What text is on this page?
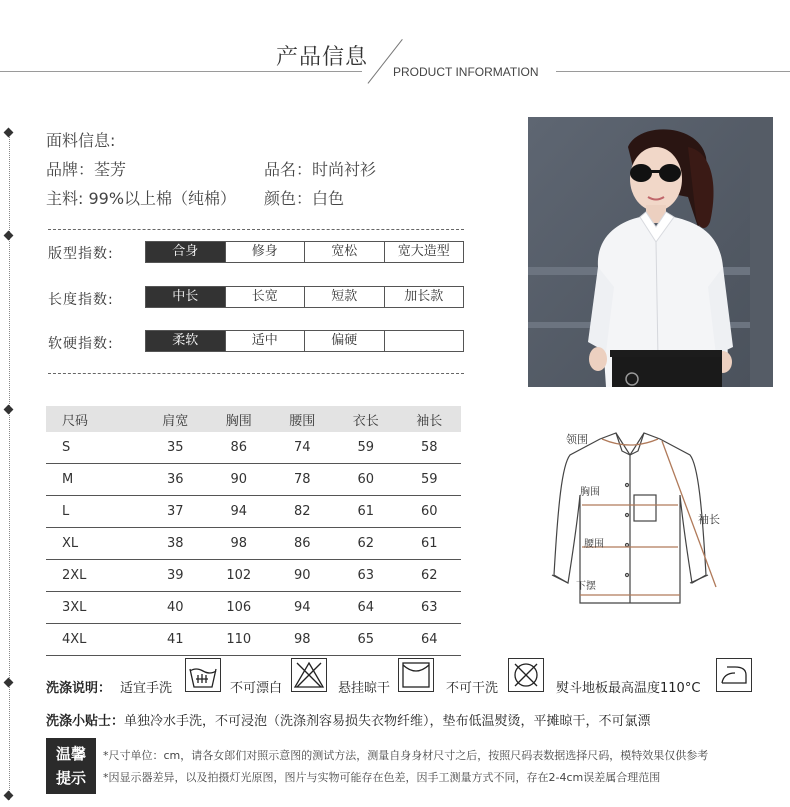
产品信息
PRODUCT INFORMATION
面料信息:
品牌：荃芳	品名：时尚衬衫
主料: 99%以上棉（纯棉） 颜色：白色
版型指数:	合身	修身	宽松	宽大造型
长度指数:	中长	长宽	短款	加长款
软硬指数:	柔软	适中	偏硬
尺码	肩宽	胸围	腰围	衣长	袖长
S	35	86	74	59	58
M	36	90	78	60	59
L	37	94	82	61	60
XL	38	98	86	62	61
2XL	39	102	90	63	62
3XL	40	106	94	64	63
4XL	41	110	98	65	64
领围
胸围
腰围
下摆
袖长
洗涤说明： 适宜手洗	不可漂白	悬挂晾干	不可干洗	熨斗地板最高温度110°C
洗涤小贴士：单独冷水手洗，不可浸泡（洗涤剂容易损失衣物纤维），垫布低温熨烫，平摊晾干，不可氯漂
温馨
提示
*尺寸单位：cm，请各女郎们对照示意图的测试方法，测量自身身材尺寸之后，按照尺码表数据选择尺码，模特效果仅供参考
*因显示器差异，以及拍摄灯光原图，图片与实物可能存在色差，因手工测量方式不同，存在2-4cm误差属合理范围
